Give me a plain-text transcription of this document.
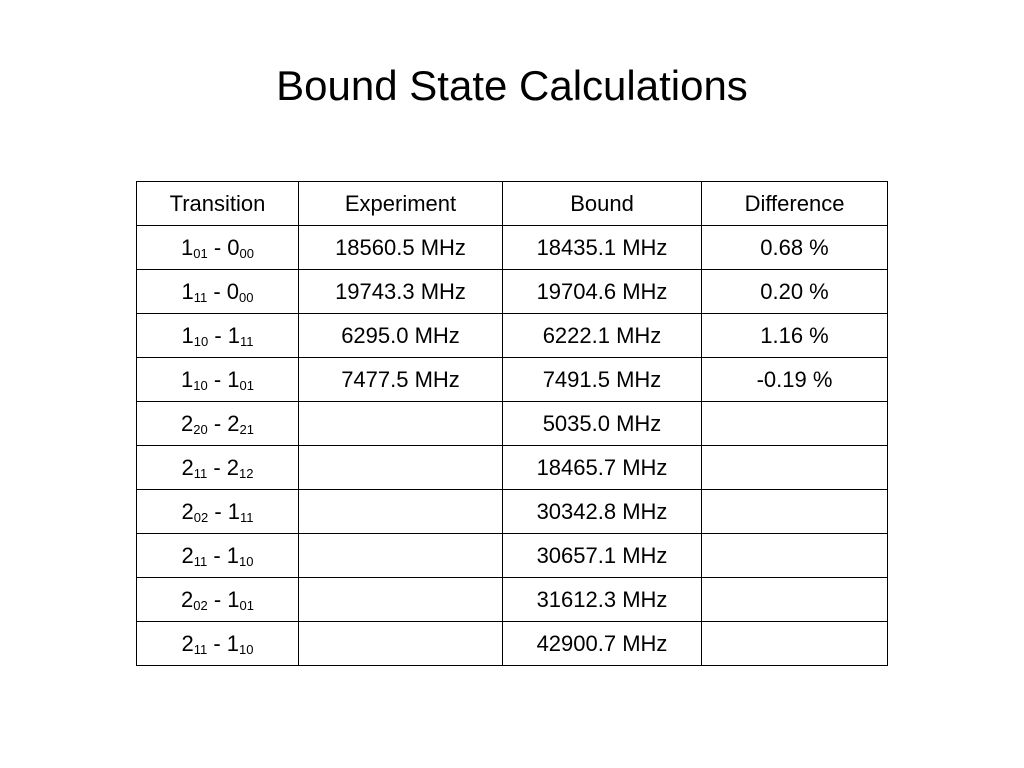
Bound State Calculations
Transition	Experiment	Bound	Difference
$1_{01} - 0_{00}$	18560.5 MHz	18435.1 MHz	0.68 %
$1_{11} - 0_{00}$	19743.3 MHz	19704.6 MHz	0.20 %
$1_{10} - 1_{11}$	6295.0 MHz	6222.1 MHz	1.16 %
$1_{10} - 1_{01}$	7477.5 MHz	7491.5 MHz	-0.19 %
$2_{20} - 2_{21}$		5035.0 MHz	
$2_{11} - 2_{12}$		18465.7 MHz	
$2_{02} - 1_{11}$		30342.8 MHz	
$2_{11} - 1_{10}$		30657.1 MHz	
$2_{02} - 1_{01}$		31612.3 MHz	
$2_{11} - 1_{10}$		42900.7 MHz	
